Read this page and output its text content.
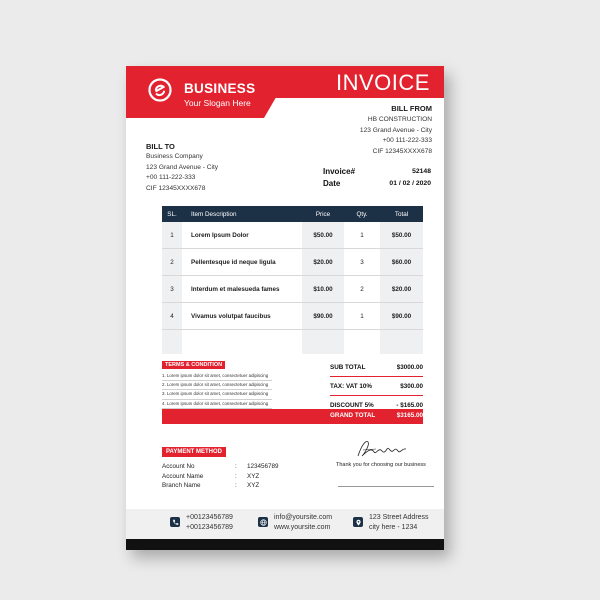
BUSINESS
Your Slogan Here
INVOICE
BILL FROM
HB CONSTRUCTION
123 Grand Avenue - City
+00 111-222-333
CIF 12345XXXX678
BILL TO
Business Company
123 Grand Avenue - City
+00 111-222-333
CIF 12345XXXX678
Invoice#	52148
Date	01 / 02 / 2020
SL.	Item Description	Price	Qty.	Total
1	Lorem Ipsum Dolor	$50.00	1	$50.00
2	Pellentesque id neque ligula	$20.00	3	$60.00
3	Interdum et malesueda fames	$10.00	2	$20.00
4	Vivamus volutpat faucibus	$90.00	1	$90.00
TERMS & CONDITION
1. Lorem ipsum dolor sit amet, consectetuer adipiscing
2. Lorem ipsum dolor sit amet, consectetuer adipiscing
3. Lorem ipsum dolor sit amet, consectetuer adipiscing
4. Lorem ipsum dolor sit amet, consectetuer adipiscing
SUB TOTAL	$3000.00
TAX: VAT 10%	$300.00
DISCOUNT 5%	- $165.00
GRAND TOTAL	$3165.00
PAYMENT METHOD
Account No	:	123456789
Account Name	:	XYZ
Branch Name	:	XYZ
Thank you for choosing our business
+00123456789
+00123456789
info@yoursite.com
www.yoursite.com
123 Street Address
city here - 1234
